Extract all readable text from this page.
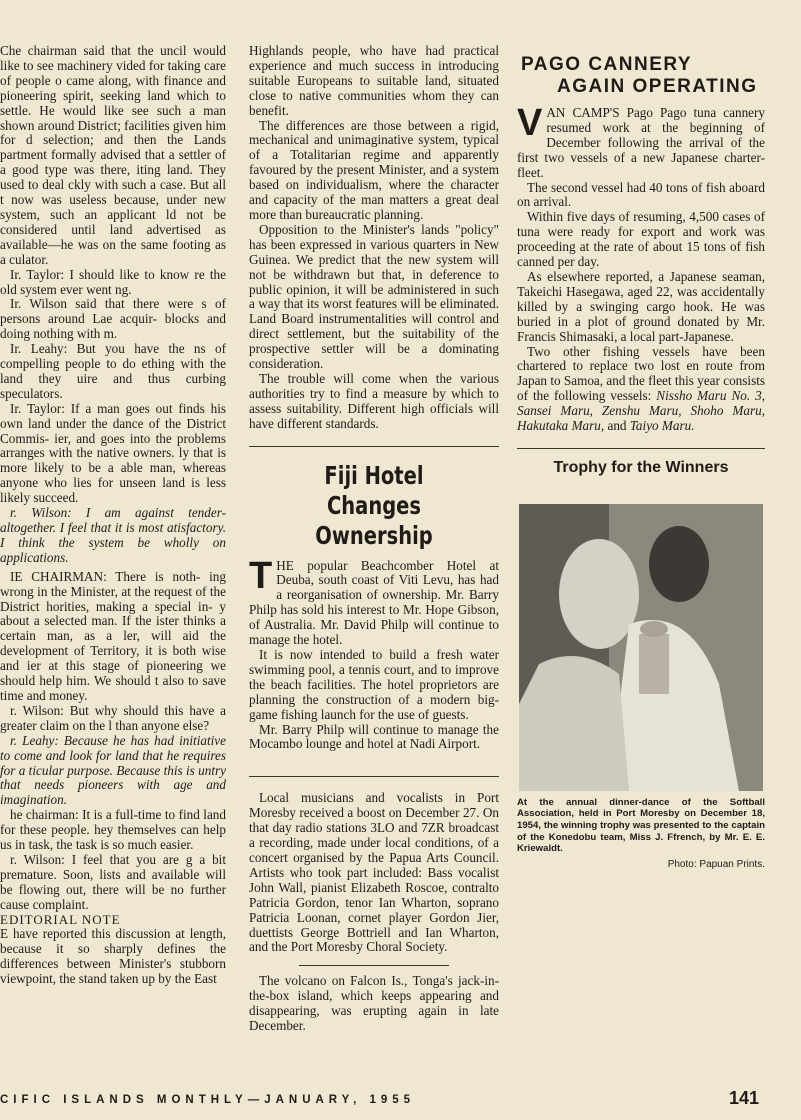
Che chairman said that the uncil would like to see machinery vided for taking care of people o came along, with finance and pioneering spirit, seeking land which to settle. He would like see such a man shown around District; facilities given him for d selection; and then the Lands partment formally advised that a settler of a good type was there, iting land. They used to deal ckly with such a case. But all t now was useless because, under new system, such an applicant ld not be considered until land advertised as available—he was on the same footing as a culator.

Ir. Taylor: I should like to know re the old system ever went ng.

Ir. Wilson said that there were s of persons around Lae acquir- blocks and doing nothing with m.

Ir. Leahy: But you have the ns of compelling people to do ething with the land they uire and thus curbing speculators.

Ir. Taylor: If a man goes out finds his own land under the dance of the District Commis- ier, and goes into the problems arranges with the native owners. ly that is more likely to be a able man, whereas anyone who lies for unseen land is less likely succeed.

r. Wilson: I am against tender- altogether. I feel that it is most atisfactory. I think the system be wholly on applications.

IE CHAIRMAN: There is noth- ing wrong in the Minister, at the request of the District horities, making a special in- y about a selected man. If the ister thinks a certain man, as a ler, will aid the development of Territory, it is both wise and ier at this stage of pioneering we should help him. We should t also to save time and money.

r. Wilson: But why should this have a greater claim on the l than anyone else?

r. Leahy: Because he has had initiative to come and look for land that he requires for a ticular purpose. Because this is untry that needs pioneers with age and imagination.

he chairman: It is a full-time to find land for these people. hey themselves can help us in task, the task is so much easier.

r. Wilson: I feel that you are g a bit premature. Soon, lists and available will be flowing out, there will be no further cause complaint.

EDITORIAL NOTE

E have reported this discussion at length, because it so sharply defines the differences between Minister's stubborn viewpoint, the stand taken up by the East

Highlands people, who have had practical experience and much success in introducing suitable Europeans to suitable land, situated close to native communities whom they can benefit.

The differences are those between a rigid, mechanical and unimaginative system, typical of a Totalitarian regime and apparently favoured by the present Minister, and a system based on individualism, where the character and capacity of the man matters a great deal more than bureaucratic planning.

Opposition to the Minister's lands "policy" has been expressed in various quarters in New Guinea. We predict that the new system will not be withdrawn but that, in deference to public opinion, it will be administered in such a way that its worst features will be eliminated. Land Board instrumentalities will control and direct settlement, but the suitability of the prospective settler will be a dominating consideration.

The trouble will come when the various authorities try to find a measure by which to assess suitability. Different high officials will have different standards.

Fiji Hotel Changes
Ownership

THE popular Beachcomber Hotel at Deuba, south coast of Viti Levu, has had a reorganisation of ownership. Mr. Barry Philp has sold his interest to Mr. Hope Gibson, of Australia. Mr. David Philp will continue to manage the hotel.

It is now intended to build a fresh water swimming pool, a tennis court, and to improve the beach facilities. The hotel proprietors are planning the construction of a modern big-game fishing launch for the use of guests.

Mr. Barry Philp will continue to manage the Mocambo lounge and hotel at Nadi Airport.

Local musicians and vocalists in Port Moresby received a boost on December 27. On that day radio stations 3LO and 7ZR broadcast a recording, made under local conditions, of a concert organised by the Papua Arts Council. Artists who took part included: Bass vocalist John Wall, pianist Elizabeth Roscoe, contralto Patricia Gordon, tenor Ian Wharton, soprano Patricia Loonan, cornet player Gordon Jier, duettists George Bottriell and Ian Wharton, and the Port Moresby Choral Society.

The volcano on Falcon Is., Tonga's jack-in-the-box island, which keeps appearing and disappearing, was erupting again in late December.

PAGO CANNERY
AGAIN OPERATING

VAN CAMP'S Pago Pago tuna cannery resumed work at the beginning of December following the arrival of the first two vessels of a new Japanese charter-fleet.

The second vessel had 40 tons of fish aboard on arrival.

Within five days of resuming, 4,500 cases of tuna were ready for export and work was proceeding at the rate of about 15 tons of fish canned per day.

As elsewhere reported, a Japanese seaman, Takeichi Hasegawa, aged 22, was accidentally killed by a swinging cargo hook. He was buried in a plot of ground donated by Mr. Francis Shimasaki, a local part-Japanese.

Two other fishing vessels have been chartered to replace two lost en route from Japan to Samoa, and the fleet this year consists of the following vessels: Nissho Maru No. 3, Sansei Maru, Zenshu Maru, Shoho Maru, Hakutaka Maru, and Taiyo Maru.

Trophy for the Winners
At the annual dinner-dance of the Softball Association, held in Port Moresby on December 18, 1954, the winning trophy was presented to the captain of the Konedobu team, Miss J. Ffrench, by Mr. E. E. Kriewaldt.
Photo: Papuan Prints.
CIFIC ISLANDS MONTHLY—JANUARY, 1955	141
